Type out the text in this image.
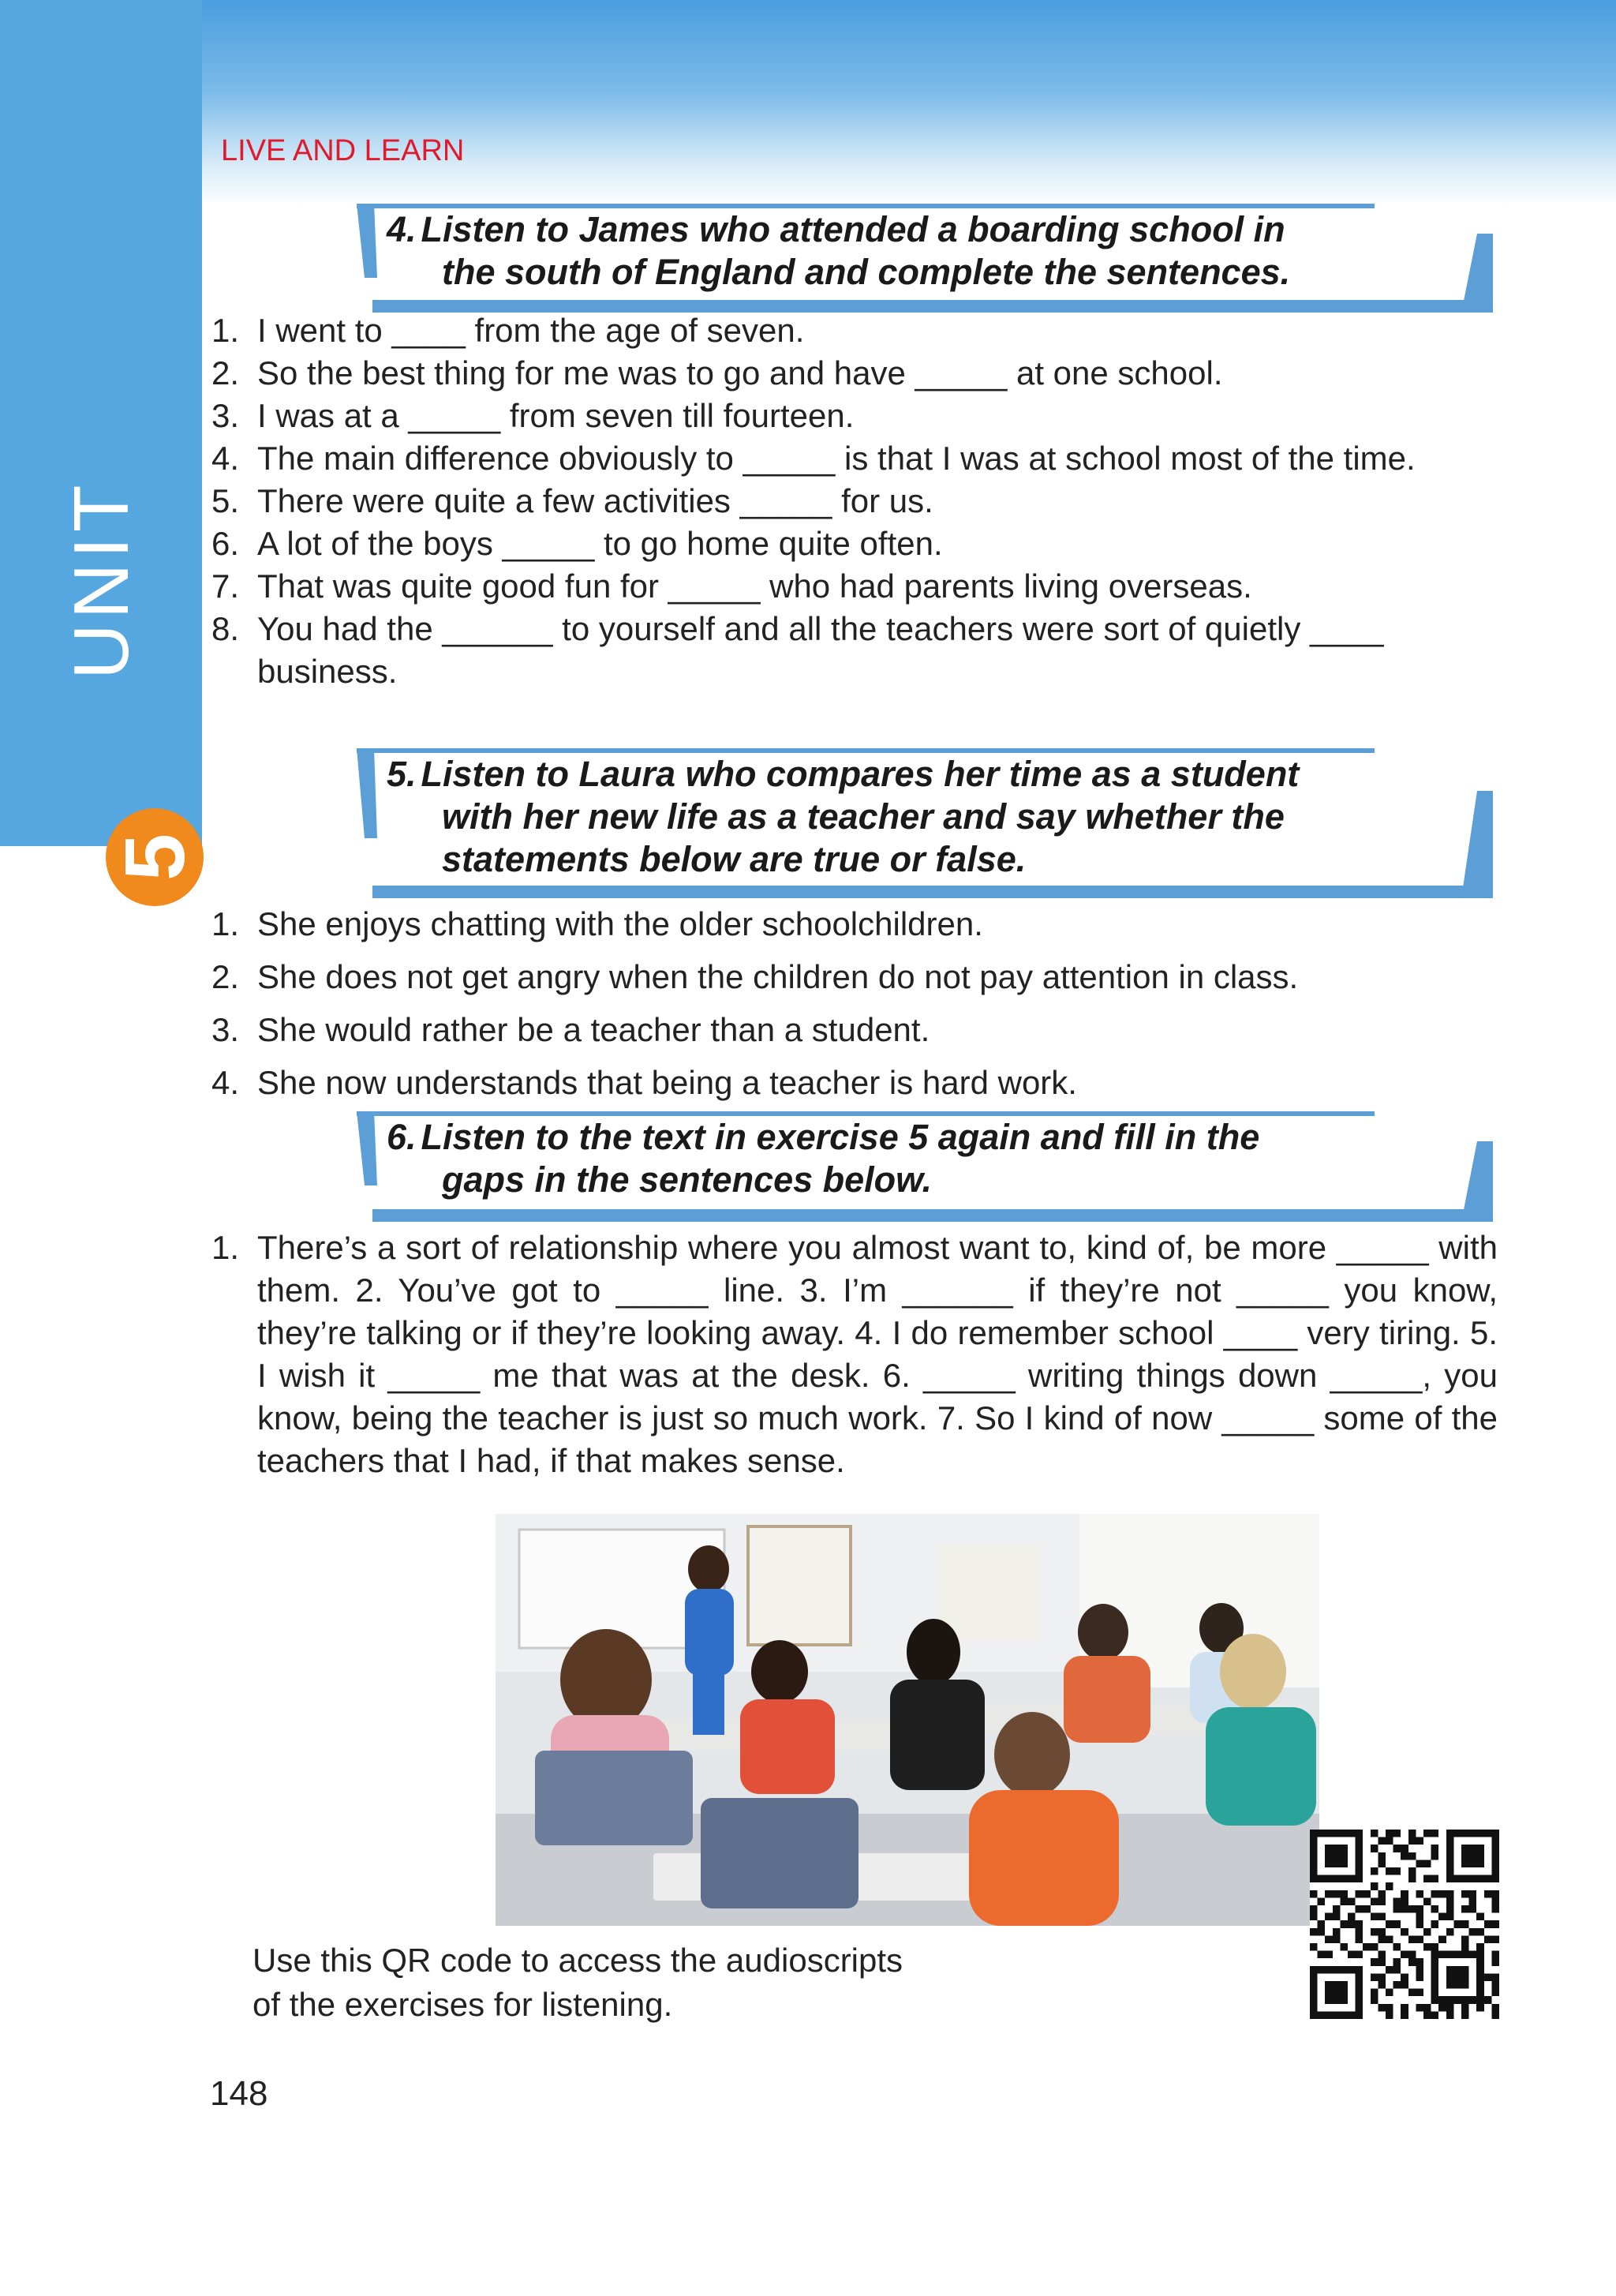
UNIT
5
LIVE AND LEARN

4. Listen to James who attended a boarding school in
the south of England and complete the sentences.

1. I went to ____ from the age of seven.
2. So the best thing for me was to go and have _____ at one school.
3. I was at a _____ from seven till fourteen.
4. The main difference obviously to _____ is that I was at school most of the time.
5. There were quite a few activities _____ for us.
6. A lot of the boys _____ to go home quite often.
7. That was quite good fun for _____ who had parents living overseas.
8. You had the ______ to yourself and all the teachers were sort of quietly ____ business.

5. Listen to Laura who compares her time as a student
with her new life as a teacher and say whether the
statements below are true or false.

1. She enjoys chatting with the older schoolchildren.
2. She does not get angry when the children do not pay attention in class.
3. She would rather be a teacher than a student.
4. She now understands that being a teacher is hard work.

6. Listen to the text in exercise 5 again and fill in the
gaps in the sentences below.

1. There’s a sort of relationship where you almost want to, kind of, be more _____ with them. 2. You’ve got to _____ line. 3. I’m ______ if they’re not _____ you know, they’re talking or if they’re looking away. 4. I do remember school ____ very tiring. 5. I wish it _____ me that was at the desk. 6. _____ writing things down _____, you know, being the teacher is just so much work. 7. So I kind of now _____ some of the teachers that I had, if that makes sense.

Use this QR code to access the audioscripts
of the exercises for listening.

148
